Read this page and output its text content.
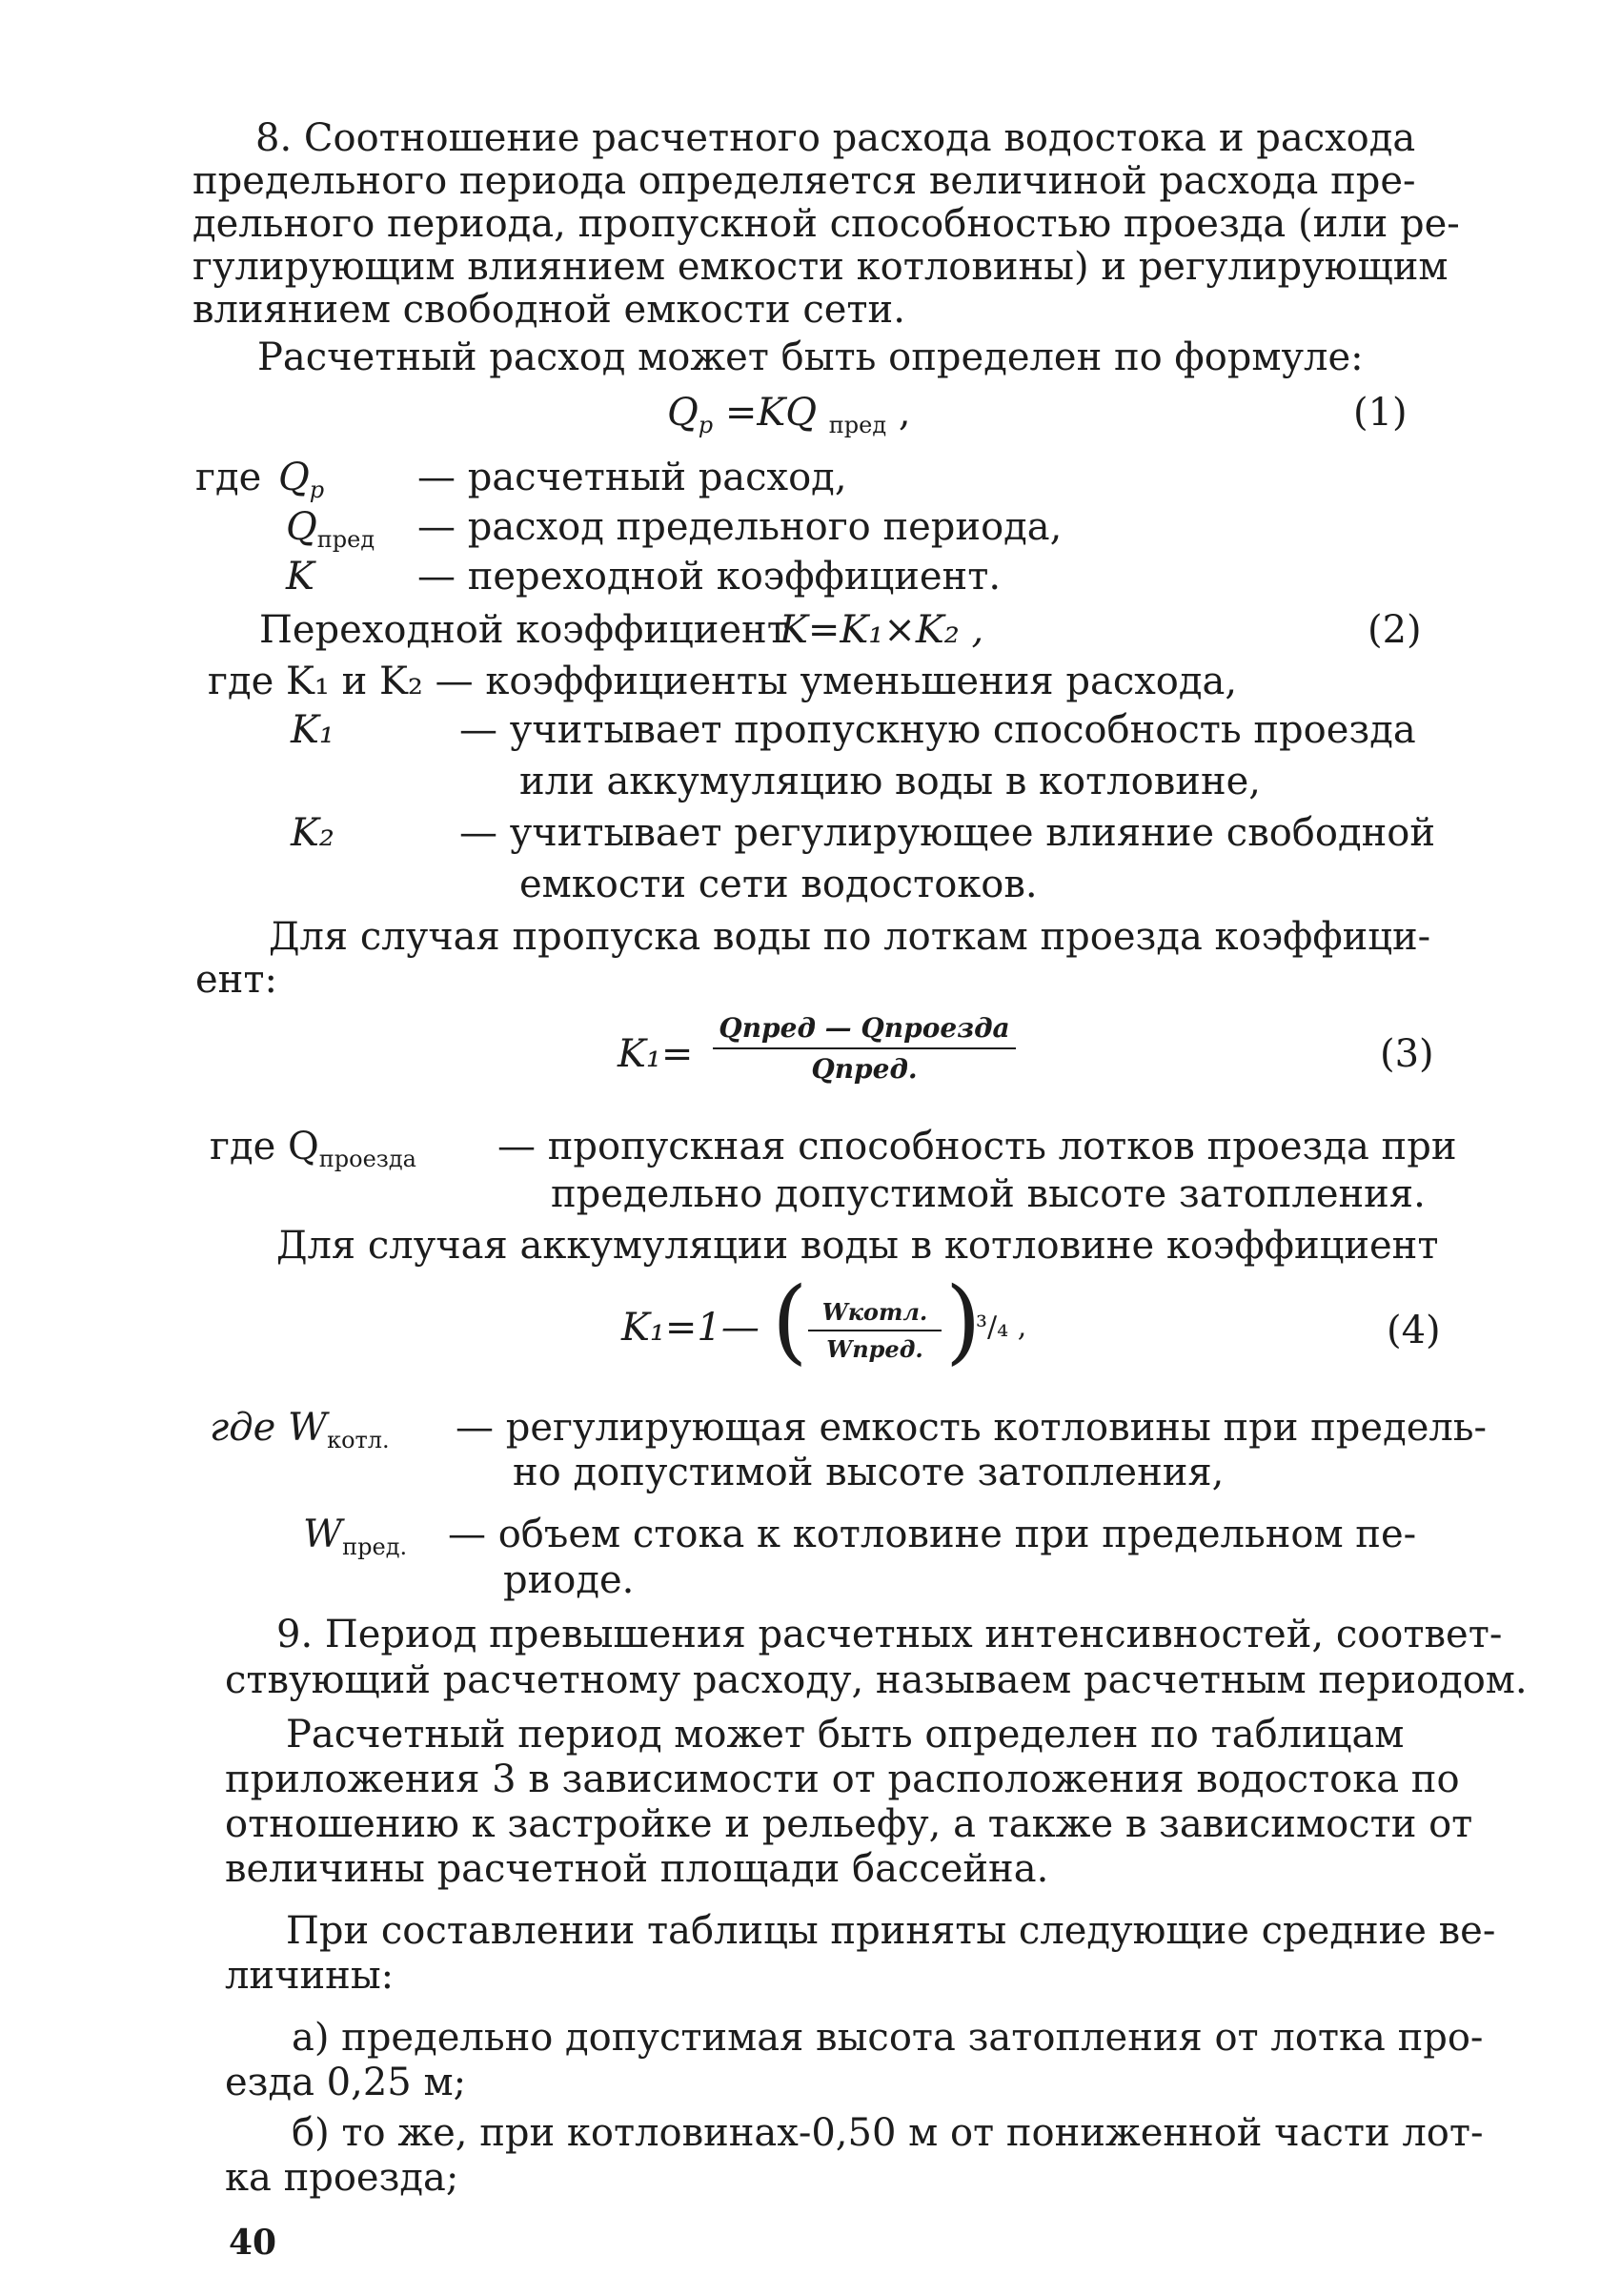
8. Соотношение расчетного расхода водостока и расхода
предельного периода определяется величиной расхода пре-
дельного периода, пропускной способностью проезда (или ре-
гулирующим влиянием емкости котловины) и регулирующим
влиянием свободной емкости сети.
Расчетный расход может быть определен по формуле:
$Q_р =KQ$ $_{пред}$ ,	(1)
где $Q_р$ — расчетный расход,
$Q_{пред}$ — расход предельного периода,
K	— переходной коэффициент.
Переходной коэффициент
K=K₁×K₂ ,	(2)
где K₁ и K₂ — коэффициенты уменьшения расхода,
K₁	— учитывает пропускную способность проезда
или аккумуляцию воды в котловине,
K₂	— учитывает регулирующее влияние свободной
емкости сети водостоков.
Для случая пропуска воды по лоткам проезда коэффици-
ент:
K₁=
Qпред — Qпроезда
Qпред.	(3)
где $Q_{проезда}$ — пропускная способность лотков проезда при
предельно допустимой высоте затопления.
Для случая аккумуляции воды в котловине коэффициент
K₁=1— ( Wкотл.
Wпред. )
³/₄ ,	(4)
где $W_{котл.}$ — регулирующая емкость котловины при предель-
но допустимой высоте затопления,
$W_{пред.}$ — объем стока к котловине при предельном пе-
риоде.
9. Период превышения расчетных интенсивностей, соответ-
ствующий расчетному расходу, называем расчетным периодом.
Расчетный период может быть определен по таблицам
приложения 3 в зависимости от расположения водостока по
отношению к застройке и рельефу, а также в зависимости от
величины расчетной площади бассейна.
При составлении таблицы приняты следующие средние ве-
личины:
а) предельно допустимая высота затопления от лотка про-
езда 0,25 м;
б) то же, при котловинах-0,50 м от пониженной части лот-
ка проезда;
40
